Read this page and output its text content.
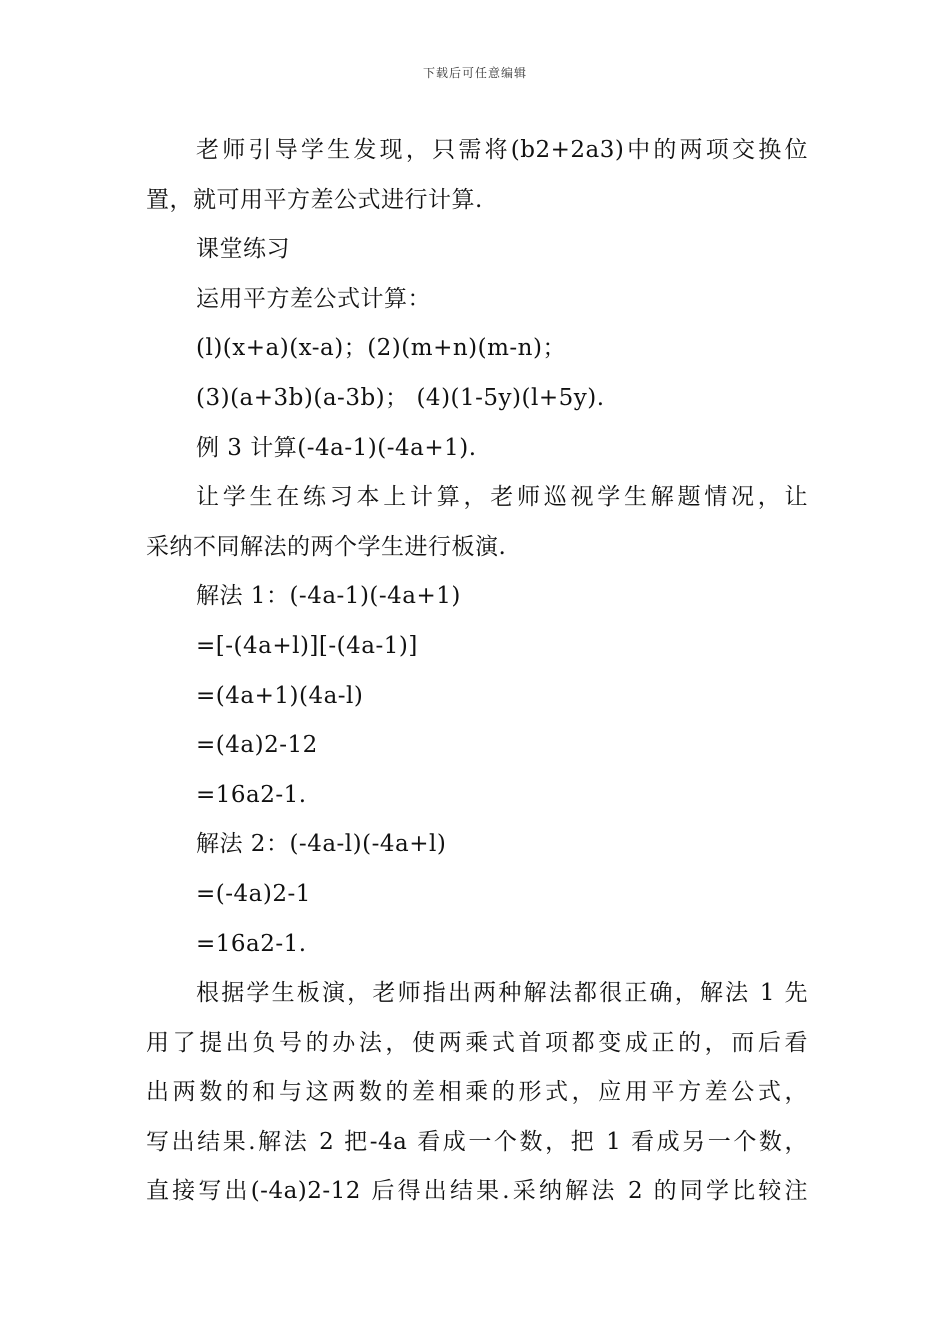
下载后可任意编辑
老师引导学生发现，只需将(b2+2a3)中的两项交换位
置，就可用平方差公式进行计算.
课堂练习
运用平方差公式计算：
(l)(x+a)(x-a)；(2)(m+n)(m-n)；
(3)(a+3b)(a-3b)； (4)(1-5y)(l+5y).
例 3 计算(-4a-1)(-4a+1).
让学生在练习本上计算，老师巡视学生解题情况，让
采纳不同解法的两个学生进行板演.
解法 1：(-4a-1)(-4a+1)
=[-(4a+l)][-(4a-1)]
=(4a+1)(4a-l)
=(4a)2-12
=16a2-1.
解法 2：(-4a-l)(-4a+l)
=(-4a)2-1
=16a2-1.
根据学生板演，老师指出两种解法都很正确，解法 1 先
用了提出负号的办法，使两乘式首项都变成正的，而后看
出两数的和与这两数的差相乘的形式，应用平方差公式，
写出结果.解法 2 把-4a 看成一个数，把 1 看成另一个数，
直接写出(-4a)2-12 后得出结果.采纳解法 2 的同学比较注
